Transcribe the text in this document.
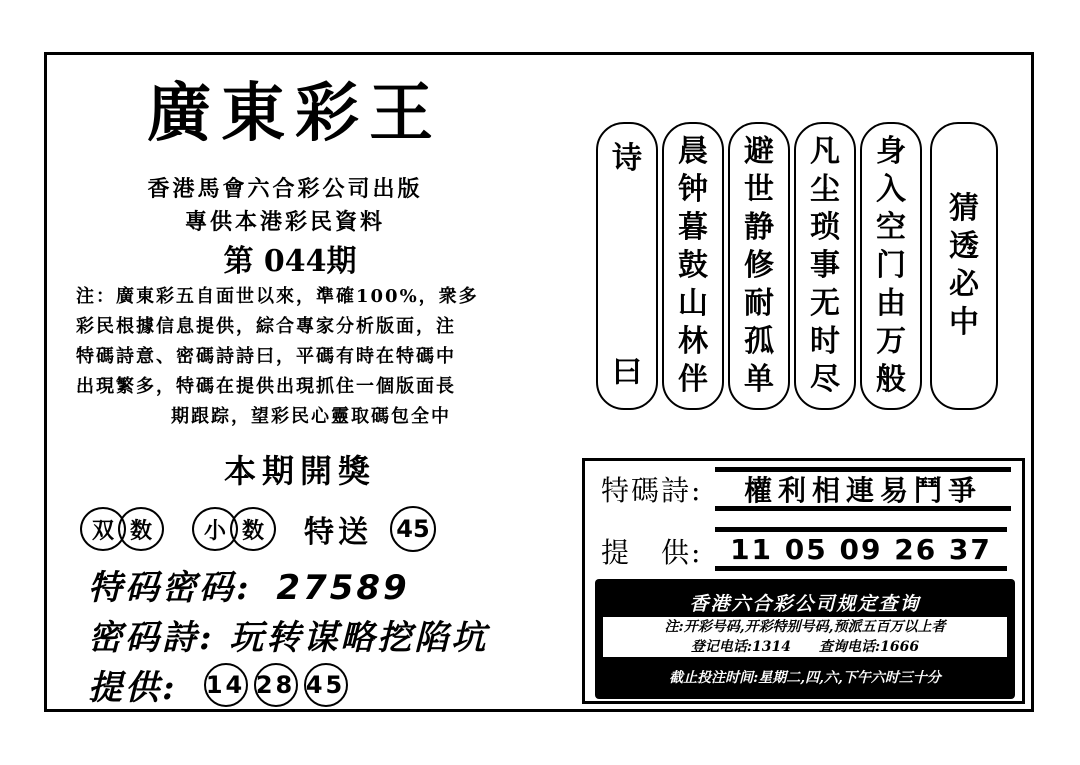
廣東彩王
香港馬會六合彩公司出版
專供本港彩民資料
第 044期

注：廣東彩五自面世以來，準確100%，衆多

彩民根據信息提供，綜合專家分析版面，注

特碼詩意、密碼詩詩曰，平碼有時在特碼中

出現繁多，特碼在提供出現抓住一個版面長

期跟踪，望彩民心靈取碼包全中

本期開獎
双 数	小 数	特送 45
特码密码: 27589
密码詩: 玩转谋略挖陷坑
提供: 14 28 45
诗
曰
晨
钟
暮
鼓
山
林
伴
避
世
静
修
耐
孤
单
凡
尘
琐
事
无
时
尽
身
入
空
门
由
万
般
猜
透
必
中
特碼詩:	權利相連易鬥爭
提　供: 11 05 09 26 37
香港六合彩公司规定查询
注:开彩号码,开彩特别号码,预派五百万以上者
登记电话:1314　　查询电话:1666
截止投注时间:星期二,四,六,下午六时三十分
